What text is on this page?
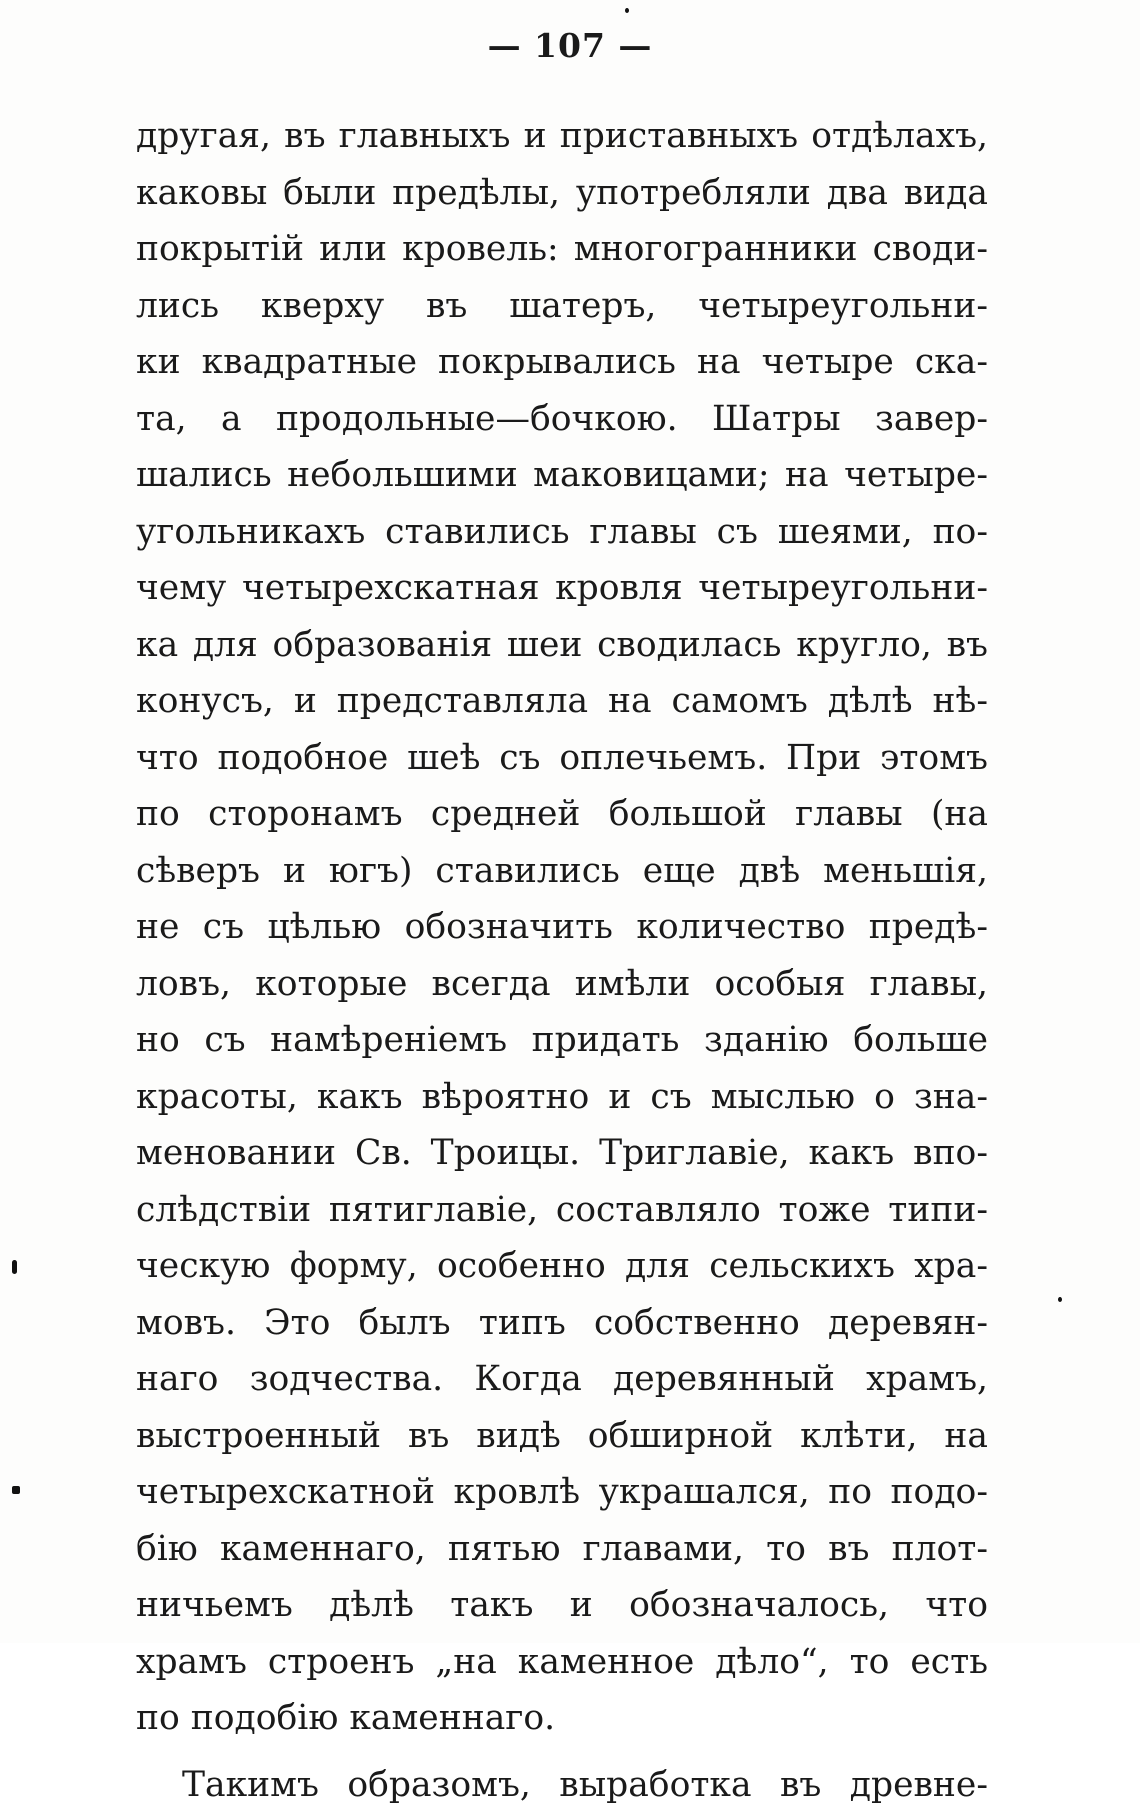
— 107 —
другая, въ главныхъ и приставныхъ отдѣлахъ,
каковы были предѣлы, употребляли два вида
покрытій или кровель: многогранники своди-
лись кверху въ шатеръ, четыреугольни-
ки квадратные покрывались на четыре ска-
та, а продольные—бочкою. Шатры завер-
шались небольшими маковицами; на четыре-
угольникахъ ставились главы съ шеями, по-
чему четырехскатная кровля четыреугольни-
ка для образованія шеи сводилась кругло, въ
конусъ, и представляла на самомъ дѣлѣ нѣ-
что подобное шеѣ съ оплечьемъ. При этомъ
по сторонамъ средней большой главы (на
сѣверъ и югъ) ставились еще двѣ меньшія,
не съ цѣлью обозначить количество предѣ-
ловъ, которые всегда имѣли особыя главы,
но съ намѣреніемъ придать зданію больше
красоты, какъ вѣроятно и съ мыслью о зна-
меновании Св. Троицы. Триглавіе, какъ впо-
слѣдствіи пятиглавіе, составляло тоже типи-
ческую форму, особенно для сельскихъ хра-
мовъ. Это былъ типъ собственно деревян-
наго зодчества. Когда деревянный храмъ,
выстроенный въ видѣ обширной клѣти, на
четырехскатной кровлѣ украшался, по подо-
бію каменнаго, пятью главами, то въ плот-
ничьемъ дѣлѣ такъ и обозначалось, что
храмъ строенъ „на каменное дѣло“, то есть
по подобію каменнаго.
Такимъ образомъ, выработка въ древне-
